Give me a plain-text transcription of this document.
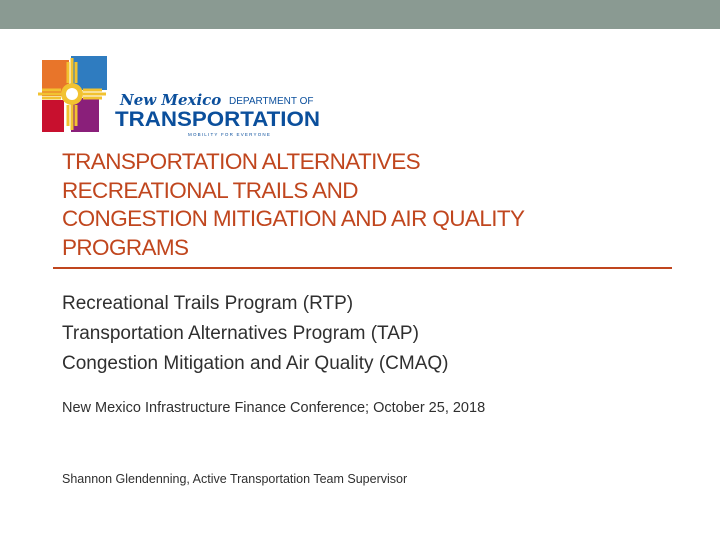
New Mexico DEPARTMENT OF
TRANSPORTATION
MOBILITY FOR EVERYONE
TRANSPORTATION ALTERNATIVES
RECREATIONAL TRAILS AND
CONGESTION MITIGATION AND AIR QUALITY
PROGRAMS
Recreational Trails Program (RTP)
Transportation Alternatives Program (TAP)
Congestion Mitigation and Air Quality (CMAQ)
New Mexico Infrastructure Finance Conference; October 25, 2018
Shannon Glendenning, Active Transportation Team Supervisor
